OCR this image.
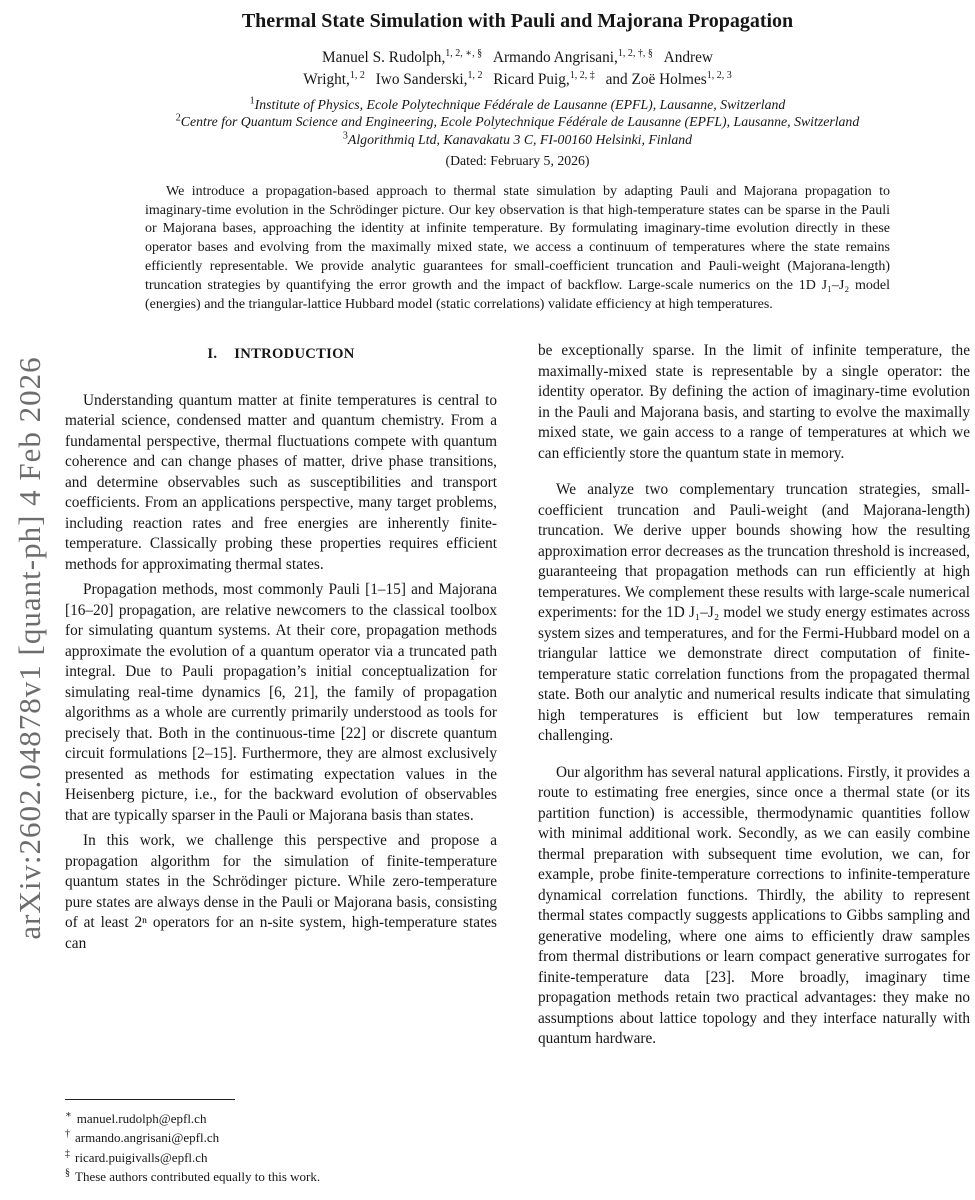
arXiv:2602.04878v1 [quant-ph] 4 Feb 2026
Thermal State Simulation with Pauli and Majorana Propagation
Manuel S. Rudolph,$^{1, 2, ∗, \S}$ Armando Angrisani,$^{1, 2, \dagger, \S}$ Andrew
Wright,$^{1, 2}$ Iwo Sanderski,$^{1, 2}$ Ricard Puig,$^{1, 2, \ddagger}$ and Zoë Holmes$^{1, 2, 3}$
$^1$Institute of Physics, Ecole Polytechnique Fédérale de Lausanne (EPFL), Lausanne, Switzerland
$^2$Centre for Quantum Science and Engineering, Ecole Polytechnique Fédérale de Lausanne (EPFL), Lausanne, Switzerland
$^3$Algorithmiq Ltd, Kanavakatu 3 C, FI-00160 Helsinki, Finland
(Dated: February 5, 2026)
We introduce a propagation-based approach to thermal state simulation by adapting Pauli and Majorana propagation to imaginary-time evolution in the Schrödinger picture. Our key observation is that high-temperature states can be sparse in the Pauli or Majorana bases, approaching the identity at infinite temperature. By formulating imaginary-time evolution directly in these operator bases and evolving from the maximally mixed state, we access a continuum of temperatures where the state remains efficiently representable. We provide analytic guarantees for small-coefficient truncation and Pauli-weight (Majorana-length) truncation strategies by quantifying the error growth and the impact of backflow. Large-scale numerics on the 1D J₁–J₂ model (energies) and the triangular-lattice Hubbard model (static correlations) validate efficiency at high temperatures.
I. INTRODUCTION

Understanding quantum matter at finite temperatures is central to material science, condensed matter and quantum chemistry. From a fundamental perspective, thermal fluctuations compete with quantum coherence and can change phases of matter, drive phase transitions, and determine observables such as susceptibilities and transport coefficients. From an applications perspective, many target problems, including reaction rates and free energies are inherently finite-temperature. Classically probing these properties requires efficient methods for approximating thermal states.

Propagation methods, most commonly Pauli [1–15] and Majorana [16–20] propagation, are relative newcomers to the classical toolbox for simulating quantum systems. At their core, propagation methods approximate the evolution of a quantum operator via a truncated path integral. Due to Pauli propagation’s initial conceptualization for simulating real-time dynamics [6, 21], the family of propagation algorithms as a whole are currently primarily understood as tools for precisely that. Both in the continuous-time [22] or discrete quantum circuit formulations [2–15]. Furthermore, they are almost exclusively presented as methods for estimating expectation values in the Heisenberg picture, i.e., for the backward evolution of observables that are typically sparser in the Pauli or Majorana basis than states.

In this work, we challenge this perspective and propose a propagation algorithm for the simulation of finite-temperature quantum states in the Schrödinger picture. While zero-temperature pure states are always dense in the Pauli or Majorana basis, consisting of at least 2ⁿ operators for an n-site system, high-temperature states can

be exceptionally sparse. In the limit of infinite temperature, the maximally-mixed state is representable by a single operator: the identity operator. By defining the action of imaginary-time evolution in the Pauli and Majorana basis, and starting to evolve the maximally mixed state, we gain access to a range of temperatures at which we can efficiently store the quantum state in memory.

We analyze two complementary truncation strategies, small-coefficient truncation and Pauli-weight (and Majorana-length) truncation. We derive upper bounds showing how the resulting approximation error decreases as the truncation threshold is increased, guaranteeing that propagation methods can run efficiently at high temperatures. We complement these results with large-scale numerical experiments: for the 1D J₁–J₂ model we study energy estimates across system sizes and temperatures, and for the Fermi-Hubbard model on a triangular lattice we demonstrate direct computation of finite-temperature static correlation functions from the propagated thermal state. Both our analytic and numerical results indicate that simulating high temperatures is efficient but low temperatures remain challenging.

Our algorithm has several natural applications. Firstly, it provides a route to estimating free energies, since once a thermal state (or its partition function) is accessible, thermodynamic quantities follow with minimal additional work. Secondly, as we can easily combine thermal preparation with subsequent time evolution, we can, for example, probe finite-temperature corrections to infinite-temperature dynamical correlation functions. Thirdly, the ability to represent thermal states compactly suggests applications to Gibbs sampling and generative modeling, where one aims to efficiently draw samples from thermal distributions or learn compact generative surrogates for finite-temperature data [23]. More broadly, imaginary time propagation methods retain two practical advantages: they make no assumptions about lattice topology and they interface naturally with quantum hardware.

∗ manuel.rudolph@epfl.ch
† armando.angrisani@epfl.ch
‡ ricard.puigivalls@epfl.ch
§ These authors contributed equally to this work.
